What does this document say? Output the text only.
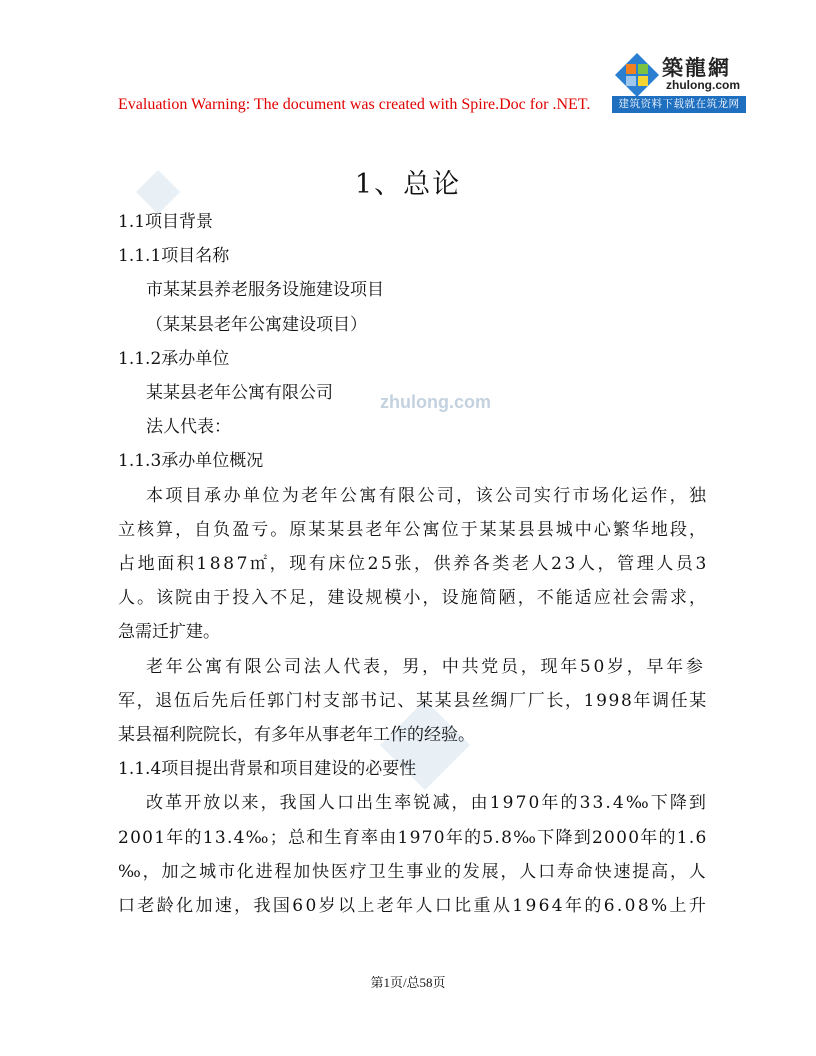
Evaluation Warning: The document was created with Spire.Doc for .NET.
築龍網
zhulong.com
建筑资料下载就在筑龙网
zhulong.com
1、总论
1.1项目背景
1.1.1项目名称
市某某县养老服务设施建设项目
（某某县老年公寓建设项目）
1.1.2承办单位
某某县老年公寓有限公司
法人代表：
1.1.3承办单位概况
本项目承办单位为老年公寓有限公司，该公司实行市场化运作，独
立核算，自负盈亏。原某某县老年公寓位于某某县县城中心繁华地段，
占地面积1887㎡，现有床位25张，供养各类老人23人，管理人员3
人。该院由于投入不足，建设规模小，设施简陋，不能适应社会需求，
急需迁扩建。
老年公寓有限公司法人代表，男，中共党员，现年50岁，早年参
军，退伍后先后任郭门村支部书记、某某县丝绸厂厂长，1998年调任某
某县福利院院长，有多年从事老年工作的经验。
1.1.4项目提出背景和项目建设的必要性
改革开放以来，我国人口出生率锐减，由1970年的33.4‰下降到
2001年的13.4‰；总和生育率由1970年的5.8‰下降到2000年的1.6
‰，加之城市化进程加快医疗卫生事业的发展，人口寿命快速提高，人
口老龄化加速，我国60岁以上老年人口比重从1964年的6.08%上升
第1页/总58页
